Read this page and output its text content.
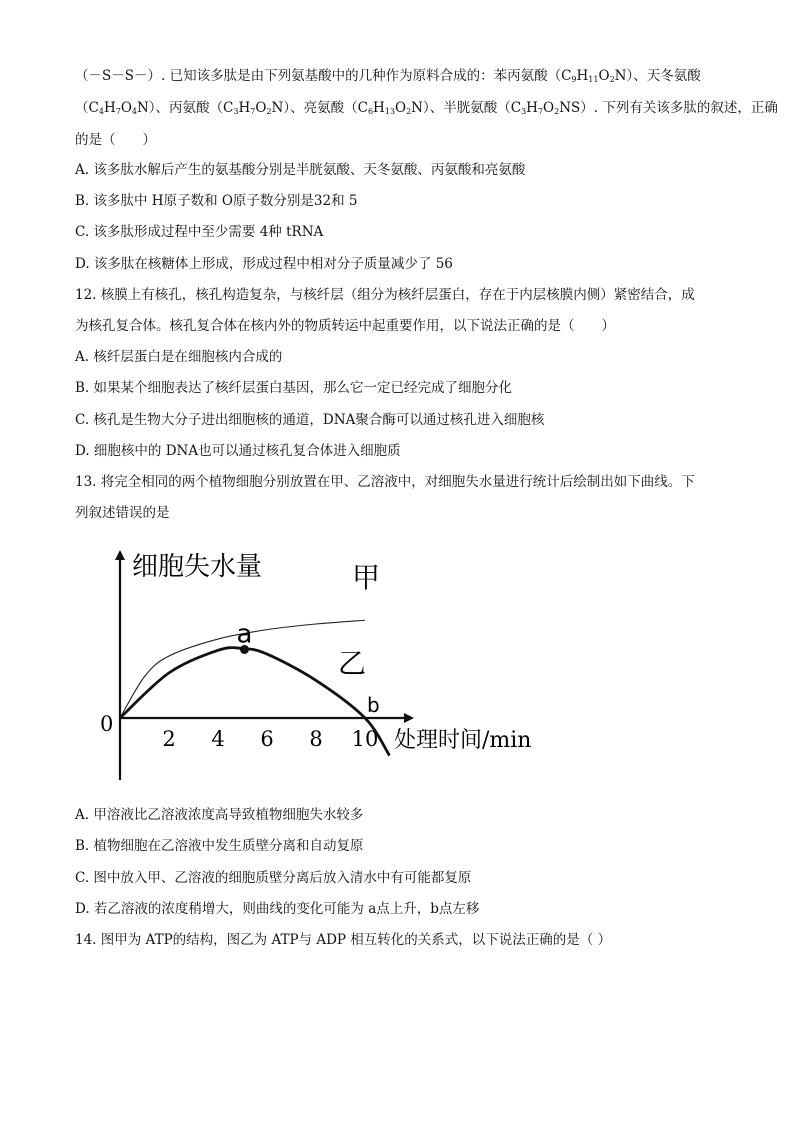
（－S－S－）. 已知该多肽是由下列氨基酸中的几种作为原料合成的：苯丙氨酸$(C_9H_{11}O_2N)$、天冬氨酸
$(C_4H_7O_4N)$、丙氨酸$(C_3H_7O_2N)$、亮氨酸$(C_6H_{13}O_2N)$、半胱氨酸$(C_3H_7O_2NS)$. 下列有关该多肽的叙述，正确
的是（　　）
A. 该多肽水解后产生的氨基酸分别是半胱氨酸、天冬氨酸、丙氨酸和亮氨酸
B. 该多肽中 H原子数和 O原子数分别是32和 5
C. 该多肽形成过程中至少需要 4种 tRNA
D. 该多肽在核糖体上形成，形成过程中相对分子质量减少了 56
12. 核膜上有核孔，核孔构造复杂，与核纤层（组分为核纤层蛋白，存在于内层核膜内侧）紧密结合，成
为核孔复合体。核孔复合体在核内外的物质转运中起重要作用，以下说法正确的是（　　）
A. 核纤层蛋白是在细胞核内合成的
B. 如果某个细胞表达了核纤层蛋白基因，那么它一定已经完成了细胞分化
C. 核孔是生物大分子进出细胞核的通道，DNA聚合酶可以通过核孔进入细胞核
D. 细胞核中的 DNA也可以通过核孔复合体进入细胞质
13. 将完全相同的两个植物细胞分别放置在甲、乙溶液中，对细胞失水量进行统计后绘制出如下曲线。下
列叙述错误的是
细胞失水量
处理时间/min
0
2 4 6 8 10
甲
乙
a
b
A. 甲溶液比乙溶液浓度高导致植物细胞失水较多
B. 植物细胞在乙溶液中发生质壁分离和自动复原
C. 图中放入甲、乙溶液的细胞质壁分离后放入清水中有可能都复原
D. 若乙溶液的浓度稍增大，则曲线的变化可能为 a点上升，b点左移
14. 图甲为 ATP的结构，图乙为 ATP与 ADP 相互转化的关系式，以下说法正确的是（ ）
